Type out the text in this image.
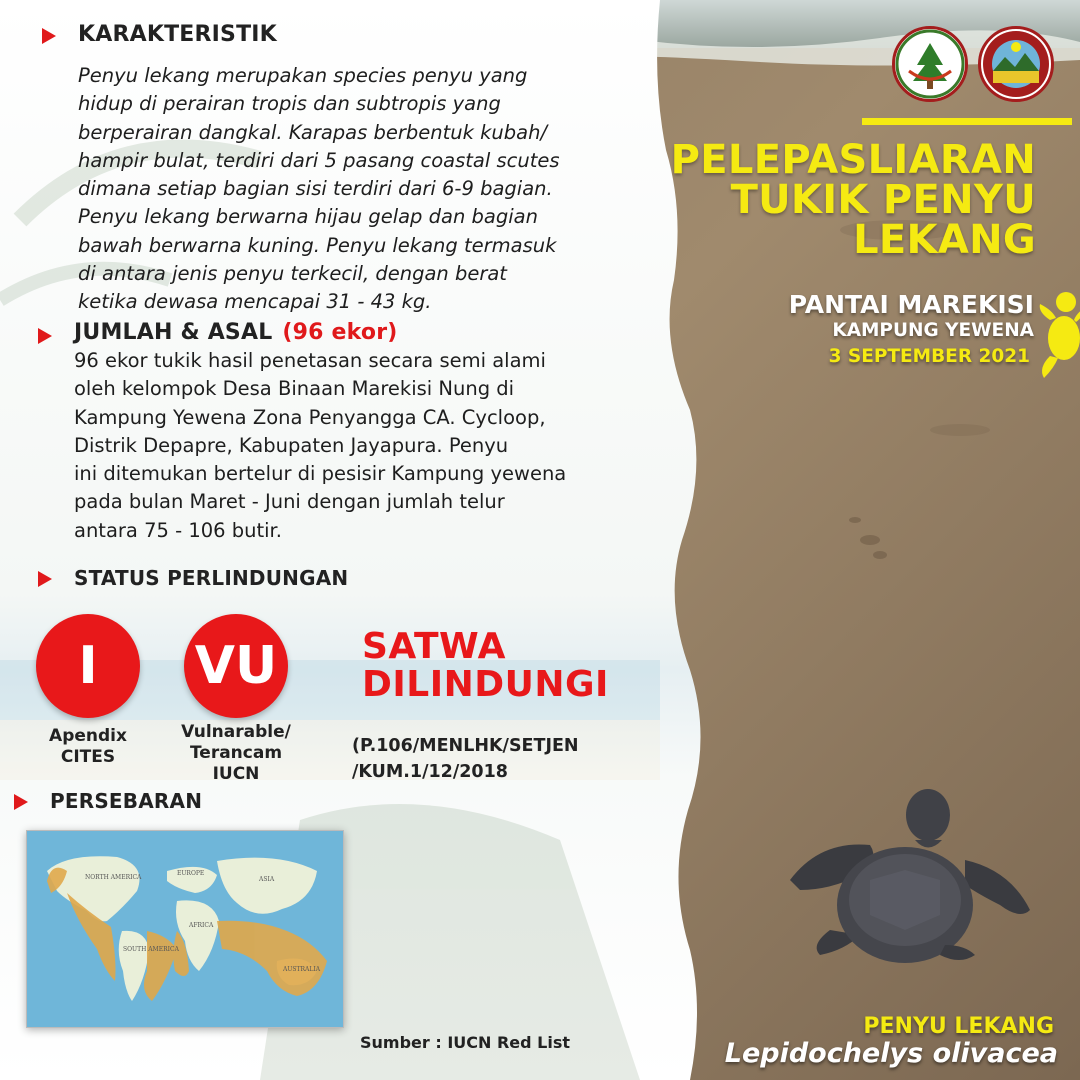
KARAKTERISTIK
Penyu lekang merupakan species penyu yang
hidup di perairan tropis dan subtropis yang
berperairan dangkal. Karapas berbentuk kubah/
hampir bulat, terdiri dari 5 pasang coastal scutes
dimana setiap bagian sisi terdiri dari 6-9 bagian.
Penyu lekang berwarna hijau gelap dan bagian
bawah berwarna kuning. Penyu lekang termasuk
di antara jenis penyu terkecil, dengan berat
ketika dewasa mencapai 31 - 43 kg.
JUMLAH & ASAL (96 ekor)
96 ekor tukik hasil penetasan secara semi alami
oleh kelompok Desa Binaan Marekisi Nung di
Kampung Yewena Zona Penyangga CA. Cycloop,
Distrik Depapre, Kabupaten Jayapura. Penyu
ini ditemukan bertelur di pesisir Kampung yewena
pada bulan Maret - Juni dengan jumlah telur
antara 75 - 106 butir.
STATUS PERLINDUNGAN
I
Apendix
CITES
VU
Vulnarable/
Terancam
IUCN
SATWA
DILINDUNGI
(P.106/MENLHK/SETJEN
/KUM.1/12/2018
PERSEBARAN
NORTH AMERICA
EUROPE
ASIA
AFRICA
SOUTH AMERICA
AUSTRALIA
Sumber : IUCN Red List
PELEPASLIARAN
TUKIK PENYU
LEKANG
PANTAI MAREKISI
KAMPUNG YEWENA
3 SEPTEMBER 2021
PENYU LEKANG
Lepidochelys olivacea
